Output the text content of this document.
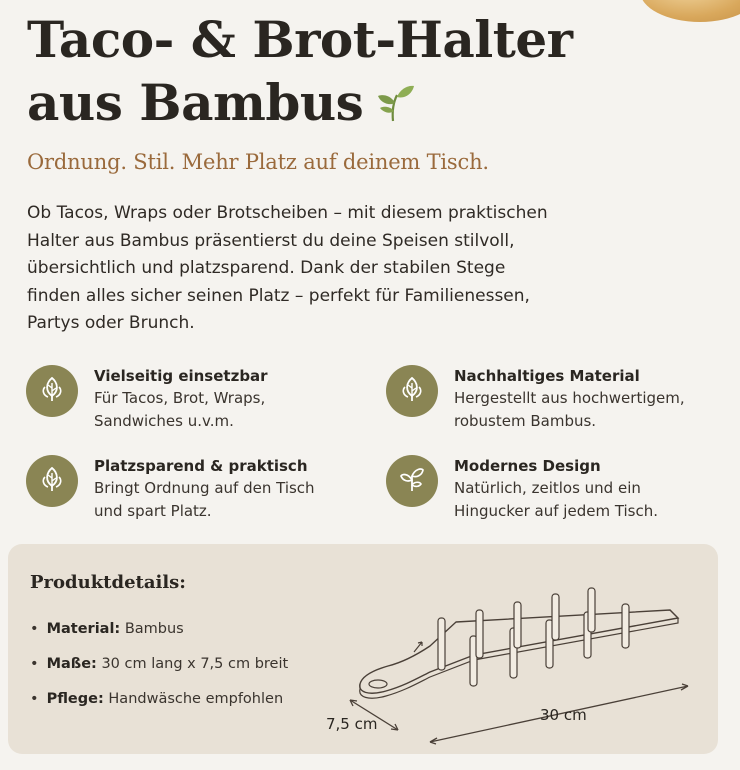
Taco- & Brot-Halter
aus Bambus
Ordnung. Stil. Mehr Platz auf deinem Tisch.
Ob Tacos, Wraps oder Brotscheiben – mit diesem praktischen
Halter aus Bambus präsentierst du deine Speisen stilvoll,
übersichtlich und platzsparend. Dank der stabilen Stege
finden alles sicher seinen Platz – perfekt für Familienessen,
Partys oder Brunch.
Vielseitig einsetzbar
Für Tacos, Brot, Wraps,
Sandwiches u.v.m.
Nachhaltiges Material
Hergestellt aus hochwertigem,
robustem Bambus.
Platzsparend & praktisch
Bringt Ordnung auf den Tisch
und spart Platz.
Modernes Design
Natürlich, zeitlos und ein
Hingucker auf jedem Tisch.
Produktdetails:
• Material: Bambus
• Maße: 30 cm lang x 7,5 cm breit
• Pflege: Handwäsche empfohlen
7,5 cm	30 cm
